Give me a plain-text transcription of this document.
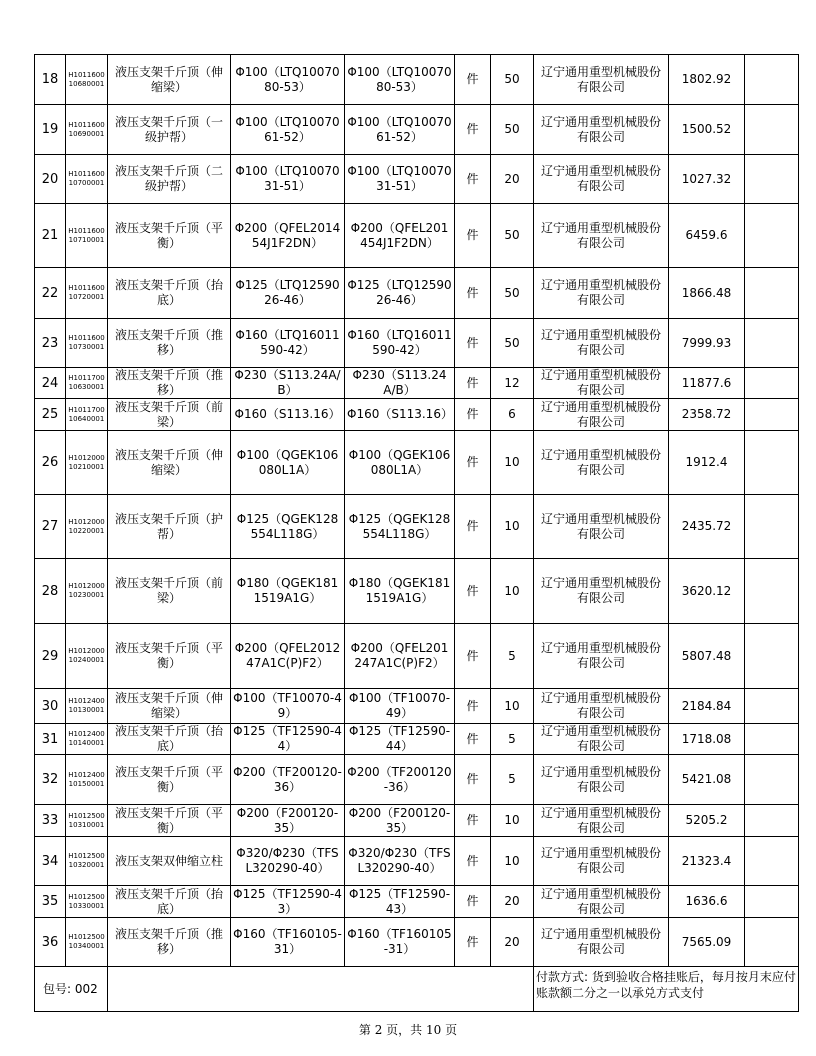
18	H1011600 10680001	液压支架千斤顶（伸缩梁）	Φ100（LTQ1007080-53）	Φ100（LTQ1007080-53）	件	50	辽宁通用重型机械股份有限公司	1802.92	
19	H1011600 10690001	液压支架千斤顶（一级护帮）	Φ100（LTQ1007061-52）	Φ100（LTQ1007061-52）	件	50	辽宁通用重型机械股份有限公司	1500.52	
20	H1011600 10700001	液压支架千斤顶（二级护帮）	Φ100（LTQ1007031-51）	Φ100（LTQ1007031-51）	件	20	辽宁通用重型机械股份有限公司	1027.32	
21	H1011600 10710001	液压支架千斤顶（平衡）	Φ200（QFEL201454J1F2DN）	Φ200（QFEL201454J1F2DN）	件	50	辽宁通用重型机械股份有限公司	6459.6	
22	H1011600 10720001	液压支架千斤顶（抬底）	Φ125（LTQ1259026-46）	Φ125（LTQ1259026-46）	件	50	辽宁通用重型机械股份有限公司	1866.48	
23	H1011600 10730001	液压支架千斤顶（推移）	Φ160（LTQ16011590-42）	Φ160（LTQ16011590-42）	件	50	辽宁通用重型机械股份有限公司	7999.93	
24	H1011700 10630001	液压支架千斤顶（推移）	Φ230（S113.24A/B）	Φ230（S113.24A/B）	件	12	辽宁通用重型机械股份有限公司	11877.6	
25	H1011700 10640001	液压支架千斤顶（前梁）	Φ160（S113.16）	Φ160（S113.16）	件	6	辽宁通用重型机械股份有限公司	2358.72	
26	H1012000 10210001	液压支架千斤顶（伸缩梁）	Φ100（QGEK106080L1A）	Φ100（QGEK106080L1A）	件	10	辽宁通用重型机械股份有限公司	1912.4	
27	H1012000 10220001	液压支架千斤顶（护帮）	Φ125（QGEK128554L118G）	Φ125（QGEK128554L118G）	件	10	辽宁通用重型机械股份有限公司	2435.72	
28	H1012000 10230001	液压支架千斤顶（前梁）	Φ180（QGEK1811519A1G）	Φ180（QGEK1811519A1G）	件	10	辽宁通用重型机械股份有限公司	3620.12	
29	H1012000 10240001	液压支架千斤顶（平衡）	Φ200（QFEL201247A1C(P)F2）	Φ200（QFEL201247A1C(P)F2）	件	5	辽宁通用重型机械股份有限公司	5807.48	
30	H1012400 10130001	液压支架千斤顶（伸缩梁）	Φ100（TF10070-49）	Φ100（TF10070-49）	件	10	辽宁通用重型机械股份有限公司	2184.84	
31	H1012400 10140001	液压支架千斤顶（抬底）	Φ125（TF12590-44）	Φ125（TF12590-44）	件	5	辽宁通用重型机械股份有限公司	1718.08	
32	H1012400 10150001	液压支架千斤顶（平衡）	Φ200（TF200120-36）	Φ200（TF200120-36）	件	5	辽宁通用重型机械股份有限公司	5421.08	
33	H1012500 10310001	液压支架千斤顶（平衡）	Φ200（F200120-35）	Φ200（F200120-35）	件	10	辽宁通用重型机械股份有限公司	5205.2	
34	H1012500 10320001	液压支架双伸缩立柱	Φ320/Φ230（TFSL320290-40）	Φ320/Φ230（TFSL320290-40）	件	10	辽宁通用重型机械股份有限公司	21323.4	
35	H1012500 10330001	液压支架千斤顶（抬底）	Φ125（TF12590-43）	Φ125（TF12590-43）	件	20	辽宁通用重型机械股份有限公司	1636.6	
36	H1012500 10340001	液压支架千斤顶（推移）	Φ160（TF160105-31）	Φ160（TF160105-31）	件	20	辽宁通用重型机械股份有限公司	7565.09	
包号: 002							付款方式: 货到验收合格挂账后，每月按月末应付账款额二分之一以承兑方式支付		
第 2 页，共 10 页
